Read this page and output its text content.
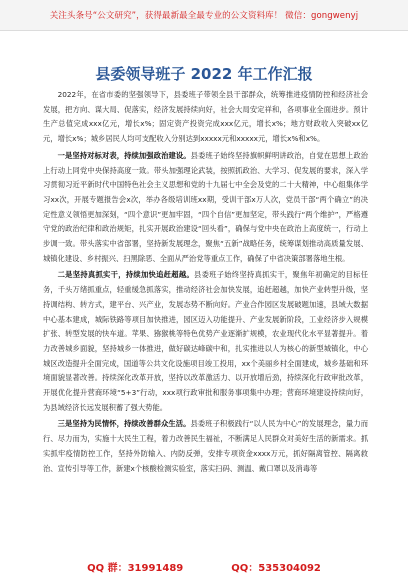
关注头条号“公文研究”，获得最新最全最专业的公文资料库！ 微信：gongwenyj
县委领导班子 2022 年工作汇报

2022年，在省市委的坚强领导下，县委班子带领全县干部群众，统筹推进疫情防控和经济社会发展，把方向、谋大局、促落实，经济发展持续向好，社会大局安定祥和，各项事业全面进步。预计生产总值完成xxx亿元，增长x%；固定资产投资完成xxx亿元，增长x%；地方财政收入突破xx亿元，增长x%；城乡居民人均可支配收入分别达到xxxxx元和xxxxx元，增长x%和x%。

一是坚持对标对表，持续加强政治建设。县委班子始终坚持旗帜鲜明讲政治，自觉在思想上政治上行动上同党中央保持高度一致。带头加强理论武装，按照抓政治、大学习、促发展的要求，深入学习贯彻习近平新时代中国特色社会主义思想和党的十九届七中全会及党的二十大精神，中心组集体学习xx次，开展专题报告会x次，举办各级培训班xx期，受训干部x万人次，党员干部“两个确立”的决定性意义领悟更加深刻，“四个意识”更加牢固，“四个自信”更加坚定，带头践行“两个维护”，严格遵守党的政治纪律和政治规矩，扎实开展政治建设“回头看”，确保与党中央在政治上高度统一，行动上步调一致。带头落实中省部署，坚持新发展理念，聚焦“五新”战略任务，统筹谋划推动高质量发展、城镇化建设、乡村振兴、扫黑除恶、全面从严治党等重点工作，确保了中省决策部署落地生根。

二是坚持真抓实干，持续加快追赶超越。县委班子始终坚持真抓实干，聚焦年初确定的目标任务，千头万绪抓重点，轻重缓急抓落实，推动经济社会加快发展，追赶超越，加快产业转型升级，坚持调结构、转方式，建平台、兴产业，发展态势不断向好。产业合作园区发展破题加速，县域大数据中心基本建成，城际铁路等项目加快推进，园区迈入功能提升、产业发展新阶段，工业经济步入规模扩张、转型发展的快车道。苹果、猕猴桃等特色优势产业逐渐扩规模，农业现代化水平显著提升。着力改善城乡面貌，坚持城乡一体推进，做好碳达峰碳中和，扎实推进以人为核心的新型城镇化，中心城区改造提升全面完成，国道等公共文化设施项目竣工投用，xx个美丽乡村全面建成，城乡基础和环境面貌显著改善。持续深化改革开放，坚持以改革激活力、以开放增后劲，持续深化行政审批改革，开展优化提升营商环境“5+3”行动，xxx项行政审批和服务事项集中办理；营商环境建设持续向好，为县域经济长远发展积蓄了强大势能。

三是坚持为民情怀，持续改善群众生活。县委班子积极践行“以人民为中心”的发展理念，量力而行、尽力而为，实施十大民生工程，着力改善民生福祉，不断满足人民群众对美好生活的新需求。抓实抓牢疫情防控工作，坚持外防输入、内防反弹，安排专项资金xxxx万元，抓好隔离管控、隔离救治、宣传引导等工作，新建x个核酸检测实验室，落实扫码、测温、戴口罩以及消毒等

QQ 群：31991489	QQ：535304092
